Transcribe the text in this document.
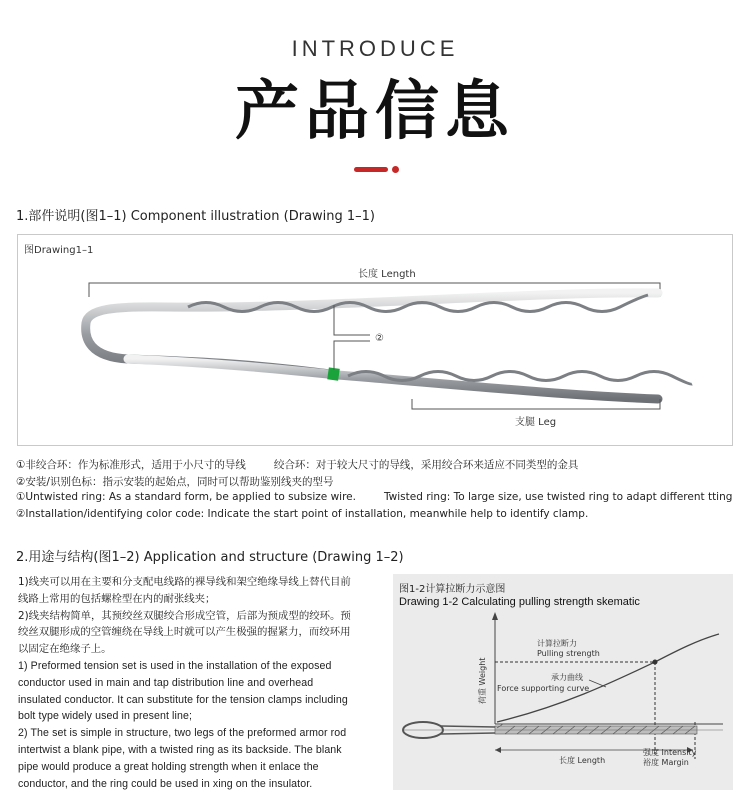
INTRODUCE
产品信息
1.部件说明(图1–1) Component illustration (Drawing 1–1)
图Drawing1–1
长度 Length
②
支腿 Leg
①非绞合环：作为标准形式，适用于小尺寸的导线	绞合环：对于较大尺寸的导线，采用绞合环来适应不同类型的金具
②安装/识别色标：指示安装的起始点，同时可以帮助鉴别线夹的型号
①Untwisted ring: As a standard form, be applied to subsize wire.	Twisted ring: To large size, use twisted ring to adapt different tting
②Installation/identifying color code: Indicate the start point of installation, meanwhile help to identify clamp.
2.用途与结构(图1–2) Application and structure (Drawing 1–2)

1)线夹可以用在主要和分支配电线路的裸导线和架空绝缘导线上替代目前线路上常用的包括螺栓型在内的耐张线夹；

2)线夹结构简单，其预绞丝双腿绞合形成空管，后部为预成型的绞环。预绞丝双腿形成的空管缠绕在导线上时就可以产生极强的握紧力，而绞环用以固定在绝缘子上。

1) Preformed tension set is used in the installation of the exposed conductor used in main and tap distribution line and overhead insulated conductor. It can substitute for the tension clamps including bolt type widely used in present line;

2) The set is simple in structure, two legs of the preformed armor rod intertwist a blank pipe, with a twisted ring as its backside. The blank pipe would produce a great holding strength when it enlace the conductor, and the ring could be used in xing on the insulator.

图1-2计算拉断力示意图
Drawing 1-2 Calculating pulling strength skematic
计算拉断力
Pulling strength
承力曲线
Force supporting curve
荷重 Weight
长度 Length
强度 Intensity
裕度 Margin
